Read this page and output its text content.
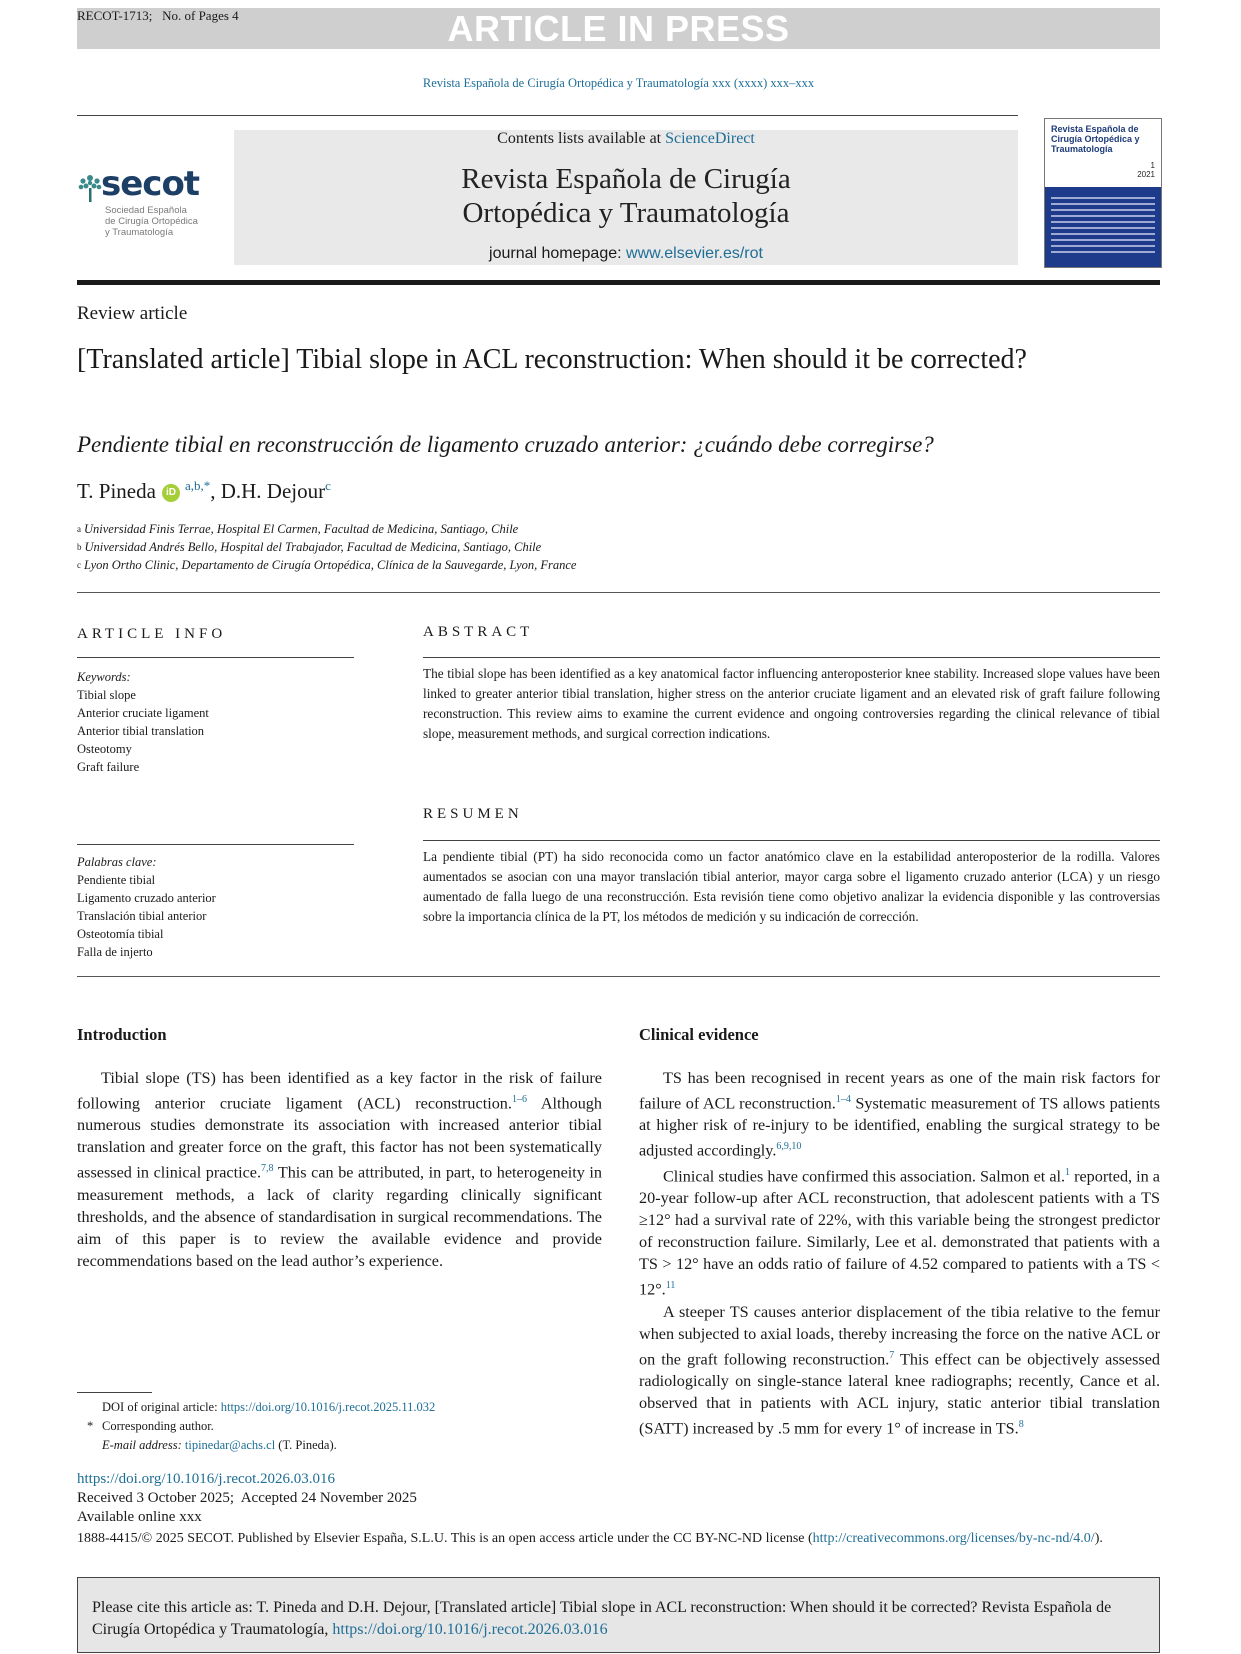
ARTICLE IN PRESS
RECOT-1713; No. of Pages 4
Revista Española de Cirugía Ortopédica y Traumatología xxx (xxxx) xxx–xxx
secot
Sociedad Española
de Cirugía Ortopédica
y Traumatología
Contents lists available at ScienceDirect
Revista Española de Cirugía
Ortopédica y Traumatología
journal homepage: www.elsevier.es/rot
Revista Española de Cirugía Ortopédica y Traumatología
1
2021
Review article
[Translated article] Tibial slope in ACL reconstruction: When should it be corrected?
Pendiente tibial en reconstrucción de ligamento cruzado anterior: ¿cuándo debe corregirse?
T. Pineda	iD a,b,* , D.H. Dejour c
$^a$ Universidad Finis Terrae, Hospital El Carmen, Facultad de Medicina, Santiago, Chile
$^b$ Universidad Andrés Bello, Hospital del Trabajador, Facultad de Medicina, Santiago, Chile
$^c$ Lyon Ortho Clinic, Departamento de Cirugía Ortopédica, Clínica de la Sauvegarde, Lyon, France
ARTICLE INFO
Keywords:
Tibial slope
Anterior cruciate ligament
Anterior tibial translation
Osteotomy
Graft failure
Palabras clave:
Pendiente tibial
Ligamento cruzado anterior
Translación tibial anterior
Osteotomía tibial
Falla de injerto
ABSTRACT
The tibial slope has been identified as a key anatomical factor influencing anteroposterior knee stability. Increased slope values have been linked to greater anterior tibial translation, higher stress on the anterior cruciate ligament and an elevated risk of graft failure following reconstruction. This review aims to examine the current evidence and ongoing controversies regarding the clinical relevance of tibial slope, measurement methods, and surgical correction indications.
RESUMEN
La pendiente tibial (PT) ha sido reconocida como un factor anatómico clave en la estabilidad anteroposterior de la rodilla. Valores aumentados se asocian con una mayor translación tibial anterior, mayor carga sobre el ligamento cruzado anterior (LCA) y un riesgo aumentado de falla luego de una reconstrucción. Esta revisión tiene como objetivo analizar la evidencia disponible y las controversias sobre la importancia clínica de la PT, los métodos de medición y su indicación de corrección.
Introduction

Tibial slope (TS) has been identified as a key factor in the risk of failure following anterior cruciate ligament (ACL) reconstruction.$^{1-6}$ Although numerous studies demonstrate its association with increased anterior tibial translation and greater force on the graft, this factor has not been systematically assessed in clinical practice.$^{7,8}$ This can be attributed, in part, to heterogeneity in measurement methods, a lack of clarity regarding clinically significant thresholds, and the absence of standardisation in surgical recommendations. The aim of this paper is to review the available evidence and provide recommendations based on the lead author’s experience.

Clinical evidence

TS has been recognised in recent years as one of the main risk factors for failure of ACL reconstruction.$^{1-4}$ Systematic measurement of TS allows patients at higher risk of re-injury to be identified, enabling the surgical strategy to be adjusted accordingly.$^{6,9,10}$

Clinical studies have confirmed this association. Salmon et al.$^1$ reported, in a 20-year follow-up after ACL reconstruction, that adolescent patients with a TS ≥12° had a survival rate of 22%, with this variable being the strongest predictor of reconstruction failure. Similarly, Lee et al. demonstrated that patients with a TS > 12° have an odds ratio of failure of 4.52 compared to patients with a TS < 12°.$^{11}$

A steeper TS causes anterior displacement of the tibia relative to the femur when subjected to axial loads, thereby increasing the force on the native ACL or on the graft following reconstruction.$^7$ This effect can be objectively assessed radiologically on single-stance lateral knee radiographs; recently, Cance et al. observed that in patients with ACL injury, static anterior tibial translation (SATT) increased by .5 mm for every 1° of increase in TS.$^8$

DOI of original article: https://doi.org/10.1016/j.recot.2025.11.032
* Corresponding author.
E-mail address: tipinedar@achs.cl (T. Pineda).
https://doi.org/10.1016/j.recot.2026.03.016
Received 3 October 2025;  Accepted 24 November 2025
Available online xxx
1888-4415/© 2025 SECOT. Published by Elsevier España, S.L.U. This is an open access article under the CC BY-NC-ND license (http://creativecommons.org/licenses/by-nc-nd/4.0/).
Please cite this article as: T. Pineda and D.H. Dejour, [Translated article] Tibial slope in ACL reconstruction: When should it be corrected? Revista Española de Cirugía Ortopédica y Traumatología, https://doi.org/10.1016/j.recot.2026.03.016
